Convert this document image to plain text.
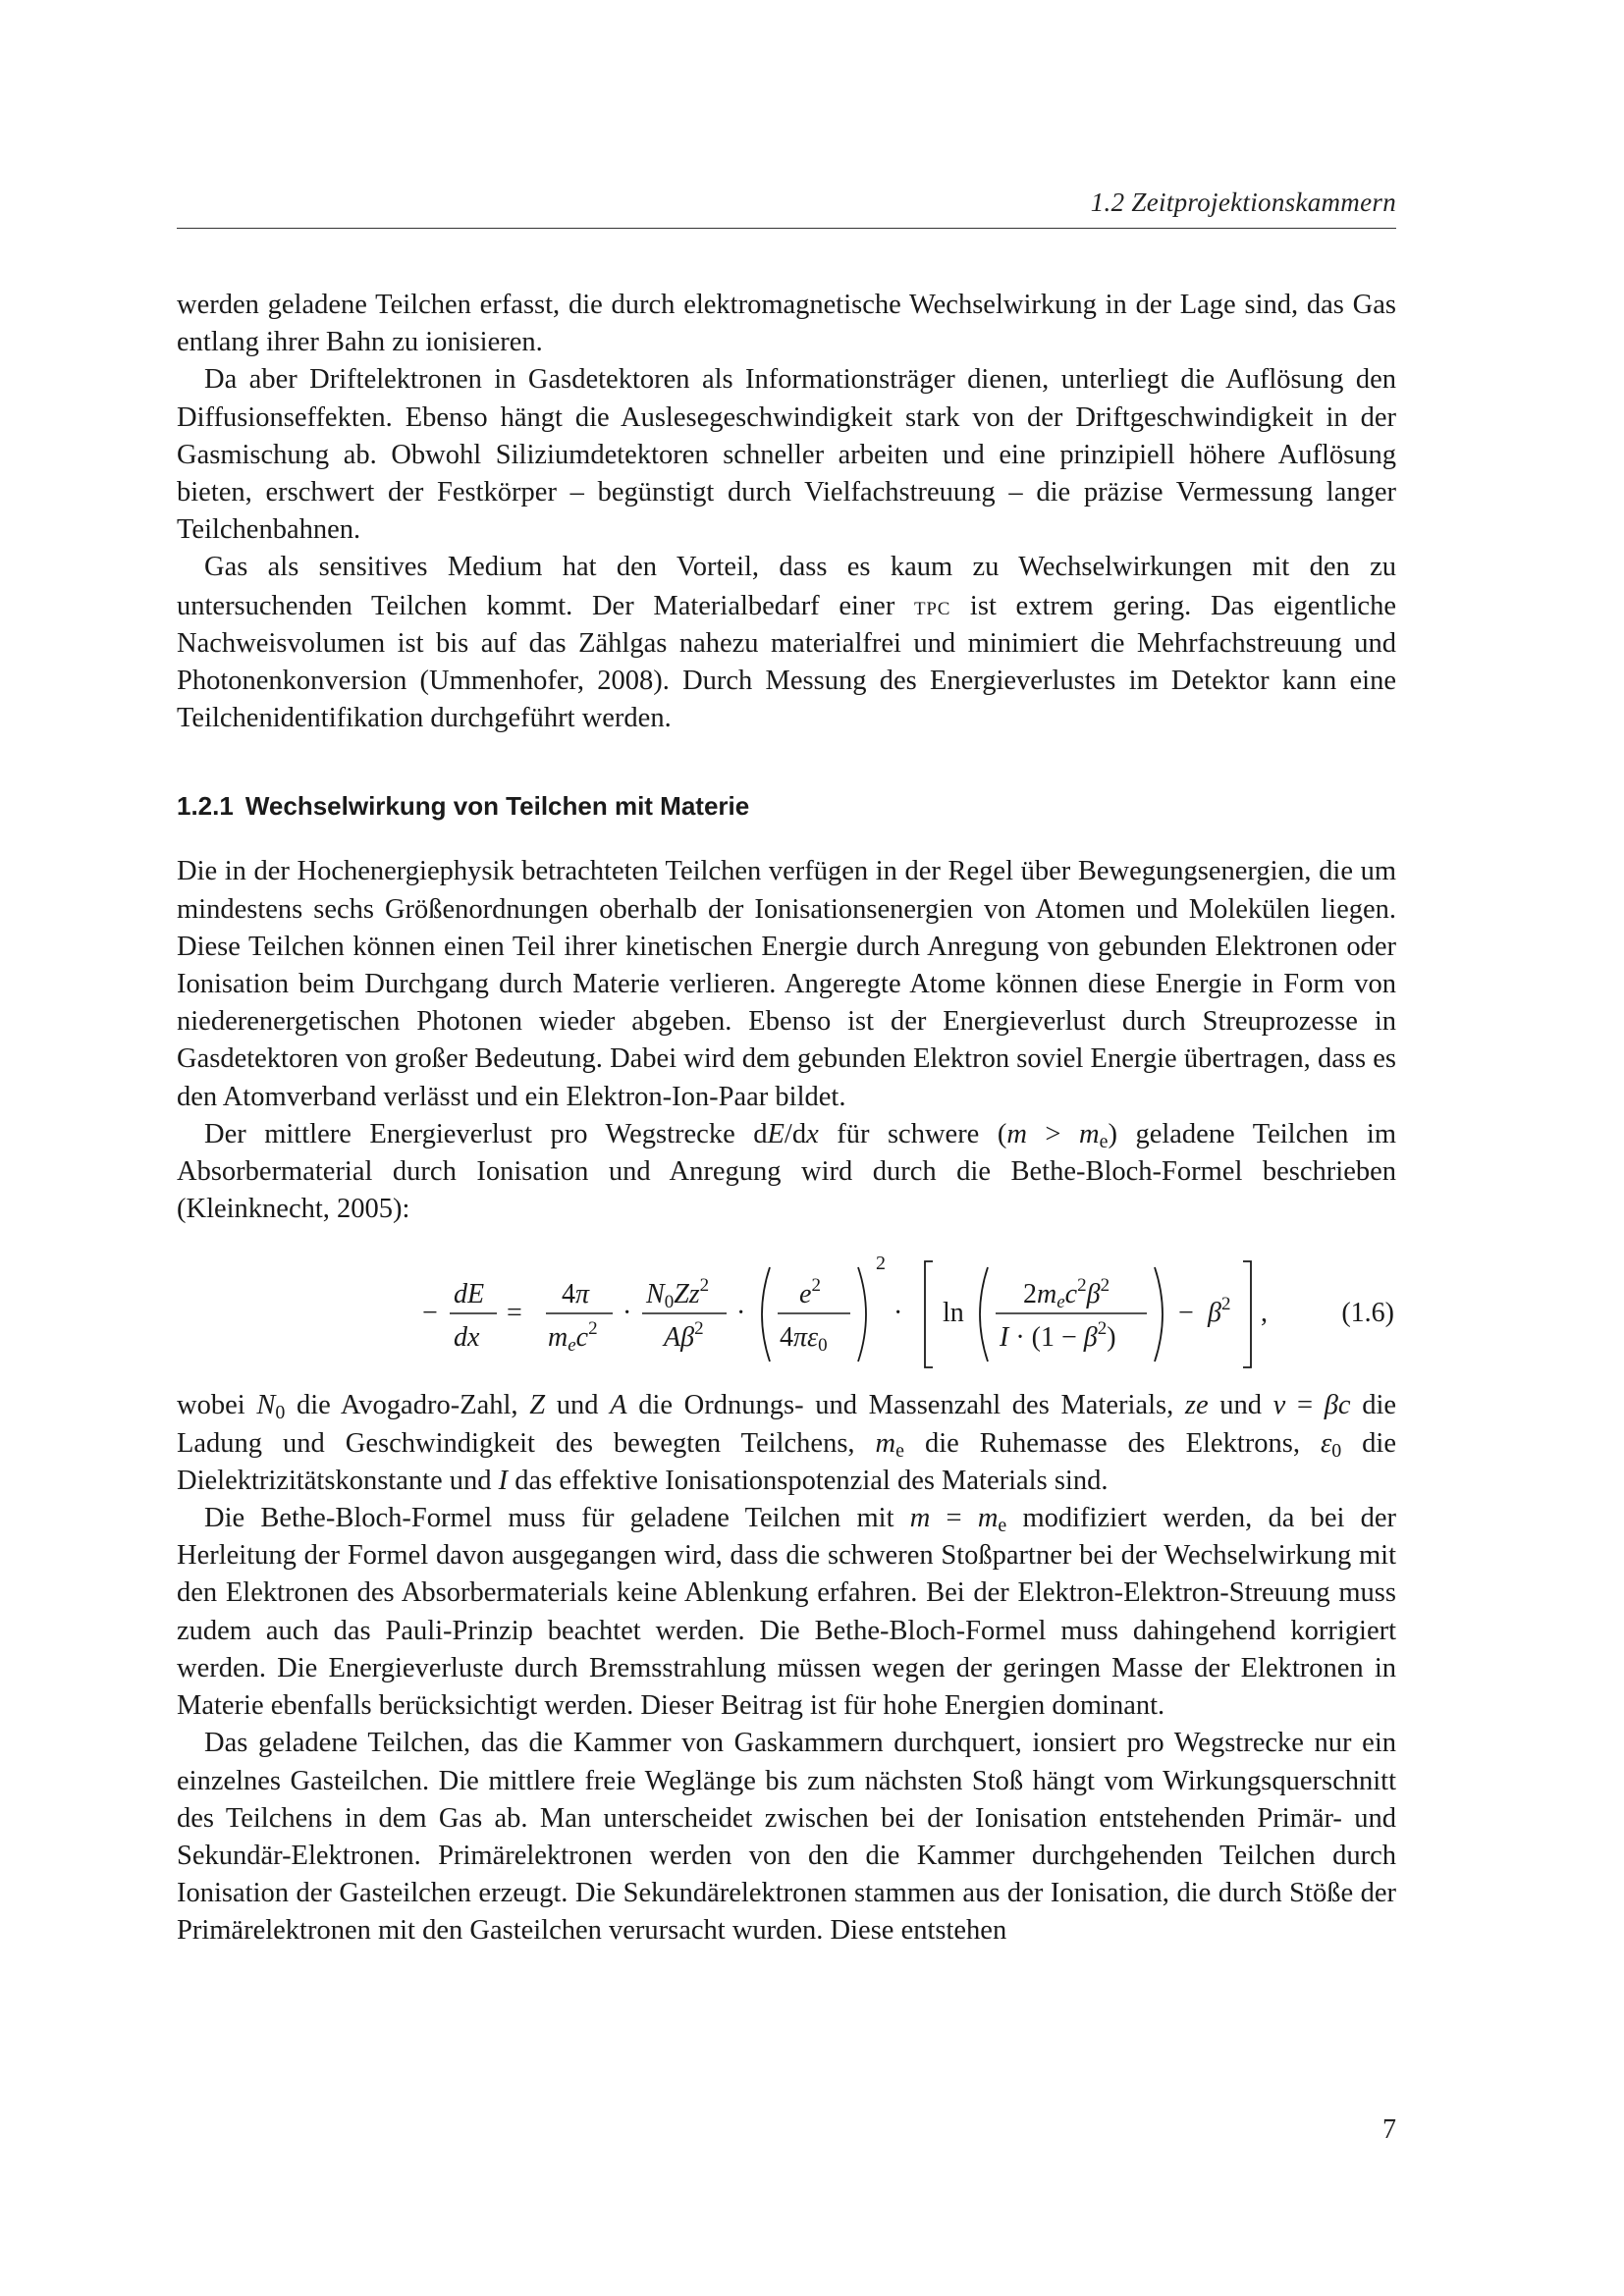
1.2 Zeitprojektionskammern

werden geladene Teilchen erfasst, die durch elektromagnetische Wechselwirkung in der Lage sind, das Gas entlang ihrer Bahn zu ionisieren.

Da aber Driftelektronen in Gasdetektoren als Informationsträger dienen, unterliegt die Auflösung den Diffusionseffekten. Ebenso hängt die Auslesegeschwindigkeit stark von der Driftgeschwindigkeit in der Gasmischung ab. Obwohl Siliziumdetektoren schneller arbeiten und eine prinzipiell höhere Auflösung bieten, erschwert der Festkörper – begünstigt durch Vielfachstreuung – die präzise Vermessung langer Teilchenbahnen.

Gas als sensitives Medium hat den Vorteil, dass es kaum zu Wechselwirkungen mit den zu untersuchenden Teilchen kommt. Der Materialbedarf einer tpc ist extrem gering. Das eigentliche Nachweisvolumen ist bis auf das Zählgas nahezu materialfrei und minimiert die Mehrfachstreuung und Photonenkonversion (Ummenhofer, 2008). Durch Messung des Energieverlustes im Detektor kann eine Teilchenidentifikation durchgeführt werden.

1.2.1 Wechselwirkung von Teilchen mit Materie

Die in der Hochenergiephysik betrachteten Teilchen verfügen in der Regel über Bewegungsenergien, die um mindestens sechs Größenordnungen oberhalb der Ionisationsenergien von Atomen und Molekülen liegen. Diese Teilchen können einen Teil ihrer kinetischen Energie durch Anregung von gebunden Elektronen oder Ionisation beim Durchgang durch Materie verlieren. Angeregte Atome können diese Energie in Form von niederenergetischen Photonen wieder abgeben. Ebenso ist der Energieverlust durch Streuprozesse in Gasdetektoren von großer Bedeutung. Dabei wird dem gebunden Elektron soviel Energie übertragen, dass es den Atomverband verlässt und ein Elektron-Ion-Paar bildet.

Der mittlere Energieverlust pro Wegstrecke dE/dx für schwere $(m > m_e)$ geladene Teilchen im Absorbermaterial durch Ionisation und Anregung wird durch die Bethe-Bloch-Formel beschrieben (Kleinknecht, 2005):

−
dE
dx
=
4π
mec$^2$
·
$N0Zz^2$
$A\beta^2$
·
$e^2$
4πε0
2
· ln
$2mec^2\beta^2$
$I \cdot (1 - \beta^2)$
− $\beta^2$ ,	(1.6)

wobei $N_0$ die Avogadro-Zahl, Z und A die Ordnungs- und Massenzahl des Materials, ze und v = βc die Ladung und Geschwindigkeit des bewegten Teilchens, $m_e$ die Ruhemasse des Elektrons, $\varepsilon_0$ die Dielektrizitätskonstante und I das effektive Ionisationspotenzial des Materials sind.

Die Bethe-Bloch-Formel muss für geladene Teilchen mit $m = m_e$ modifiziert werden, da bei der Herleitung der Formel davon ausgegangen wird, dass die schweren Stoßpartner bei der Wechselwirkung mit den Elektronen des Absorbermaterials keine Ablenkung erfahren. Bei der Elektron-Elektron-Streuung muss zudem auch das Pauli-Prinzip beachtet werden. Die Bethe-Bloch-Formel muss dahingehend korrigiert werden. Die Energieverluste durch Bremsstrahlung müssen wegen der geringen Masse der Elektronen in Materie ebenfalls berücksichtigt werden. Dieser Beitrag ist für hohe Energien dominant.

Das geladene Teilchen, das die Kammer von Gaskammern durchquert, ionsiert pro Wegstrecke nur ein einzelnes Gasteilchen. Die mittlere freie Weglänge bis zum nächsten Stoß hängt vom Wirkungsquerschnitt des Teilchens in dem Gas ab. Man unterscheidet zwischen bei der Ionisation entstehenden Primär- und Sekundär-Elektronen. Primärelektronen werden von den die Kammer durchgehenden Teilchen durch Ionisation der Gasteilchen erzeugt. Die Sekundärelektronen stammen aus der Ionisation, die durch Stöße der Primärelektronen mit den Gasteilchen verursacht wurden. Diese entstehen

7
